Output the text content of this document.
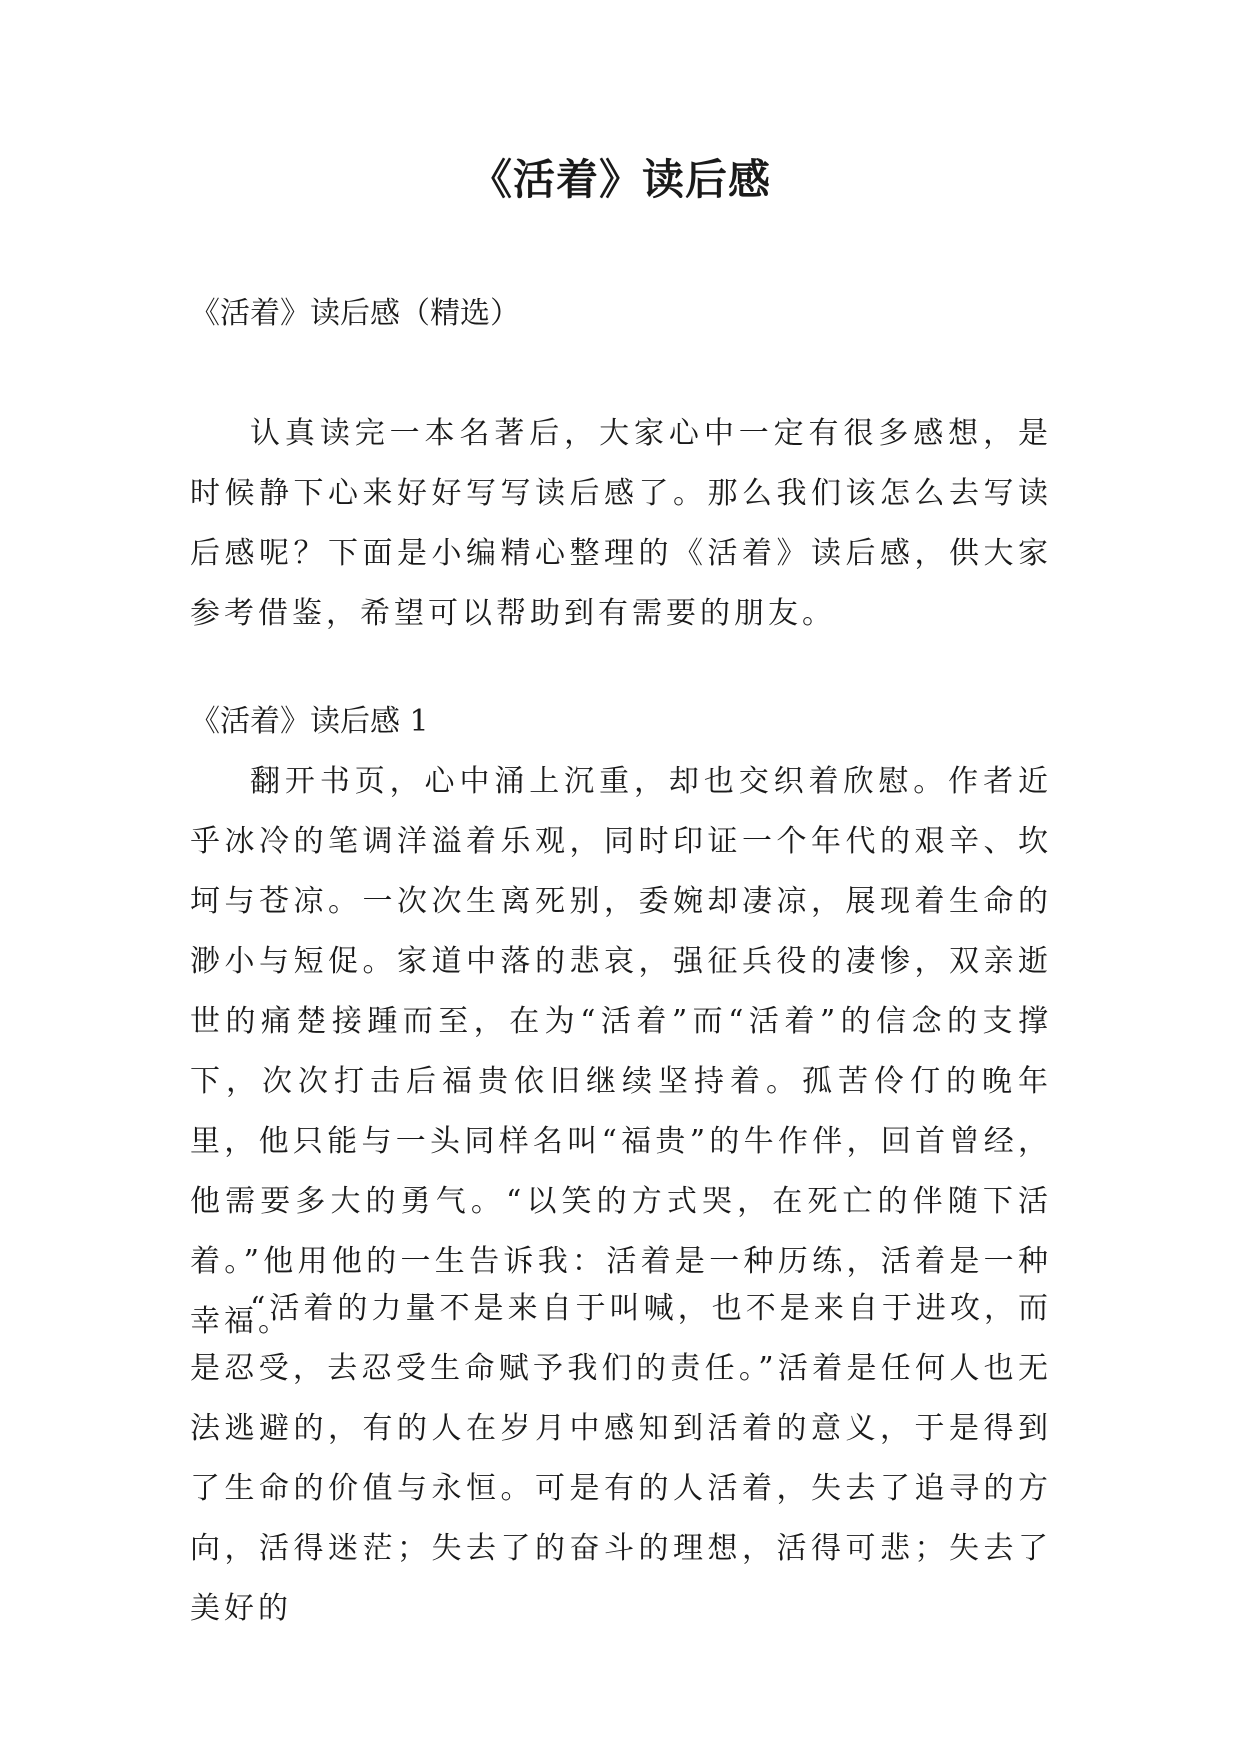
《活着》读后感
《活着》读后感（精选）

认真读完一本名著后，大家心中一定有很多感想，是时候静下心来好好写写读后感了。那么我们该怎么去写读后感呢？下面是小编精心整理的《活着》读后感，供大家参考借鉴，希望可以帮助到有需要的朋友。

《活着》读后感 1

翻开书页，心中涌上沉重，却也交织着欣慰。作者近乎冰冷的笔调洋溢着乐观，同时印证一个年代的艰辛、坎坷与苍凉。一次次生离死别，委婉却凄凉，展现着生命的渺小与短促。家道中落的悲哀，强征兵役的凄惨，双亲逝世的痛楚接踵而至，在为“活着”而“活着”的信念的支撑下，次次打击后福贵依旧继续坚持着。孤苦伶仃的晚年里，他只能与一头同样名叫“福贵”的牛作伴，回首曾经，他需要多大的勇气。“以笑的方式哭，在死亡的伴随下活着。”他用他的一生告诉我：活着是一种历练，活着是一种幸福。

“活着的力量不是来自于叫喊，也不是来自于进攻，而是忍受，去忍受生命赋予我们的责任。”活着是任何人也无法逃避的，有的人在岁月中感知到活着的意义，于是得到了生命的价值与永恒。可是有的人活着，失去了追寻的方向，活得迷茫；失去了的奋斗的理想，活得可悲；失去了美好的
